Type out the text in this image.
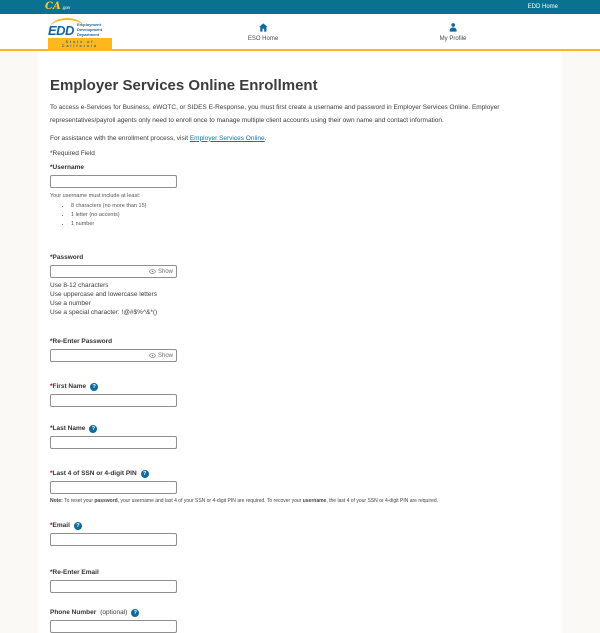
CA .gov	EDD Home
EDD Employment
Development
Department
State of California
ESO Home	My Profile
Employer Services Online Enrollment

To access e-Services for Business, eWOTC, or SIDES E-Response, you must first create a username and password in Employer Services Online. Employer representatives/payroll agents only need to enroll once to manage multiple client accounts using their own name and contact information.

For assistance with the enrollment process, visit Employer Services Online.

*Required Field
*Username
Your username must include at least:
• 8 characters (no more than 15)
• 1 letter (no accents)
• 1 number
*Password
Show
Use 8-12 characters
Use uppercase and lowercase letters
Use a number
Use a special character: !@#$%^&*()
*Re-Enter Password
Show
*First Name	?
*Last Name	?
*Last 4 of SSN or 4-digit PIN	?
Note: To reset your password, your username and last 4 of your SSN or 4-digit PIN are required. To recover your username, the last 4 of your SSN or 4-digit PIN are required.
*Email	?
*Re-Enter Email
Phone Number (optional)	?
